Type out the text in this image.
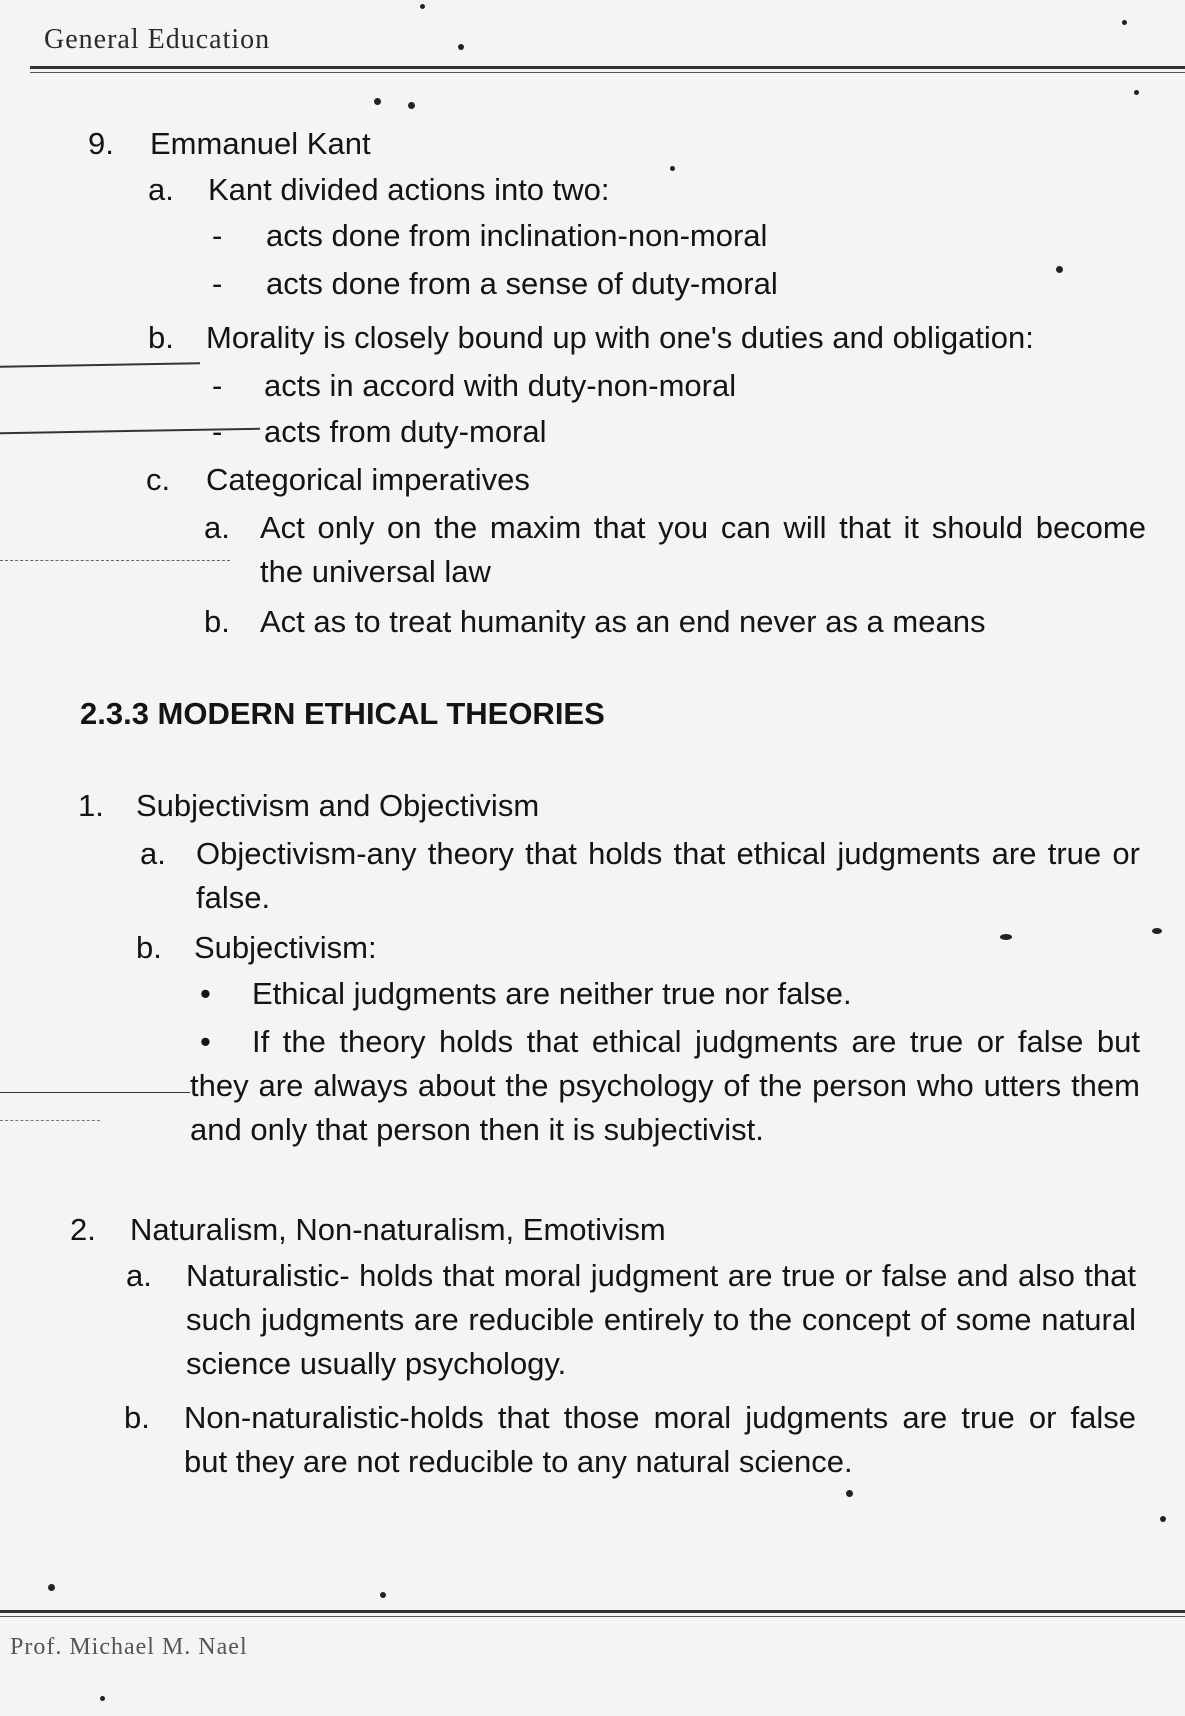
General Education
9. Emmanuel Kant
a. Kant divided actions into two:
- acts done from inclination-non-moral
- acts done from a sense of duty-moral
b. Morality is closely bound up with one's duties and obligation:
- acts in accord with duty-non-moral
- acts from duty-moral
c. Categorical imperatives
a. Act only on the maxim that you can will that it should become the universal law
b. Act as to treat humanity as an end never as a means
2.3.3 MODERN ETHICAL THEORIES
1. Subjectivism and Objectivism
a. Objectivism-any theory that holds that ethical judgments are true or false.
b. Subjectivism:
• Ethical judgments are neither true nor false.
•	If the theory holds that ethical judgments are true or false but they are always about the psychology of the person who utters them and only that person then it is subjectivist.
2. Naturalism, Non-naturalism, Emotivism
a. Naturalistic- holds that moral judgment are true or false and also that such judgments are reducible entirely to the concept of some natural science usually psychology.
b. Non-naturalistic-holds that those moral judgments are true or false but they are not reducible to any natural science.
Prof. Michael M. Nael
